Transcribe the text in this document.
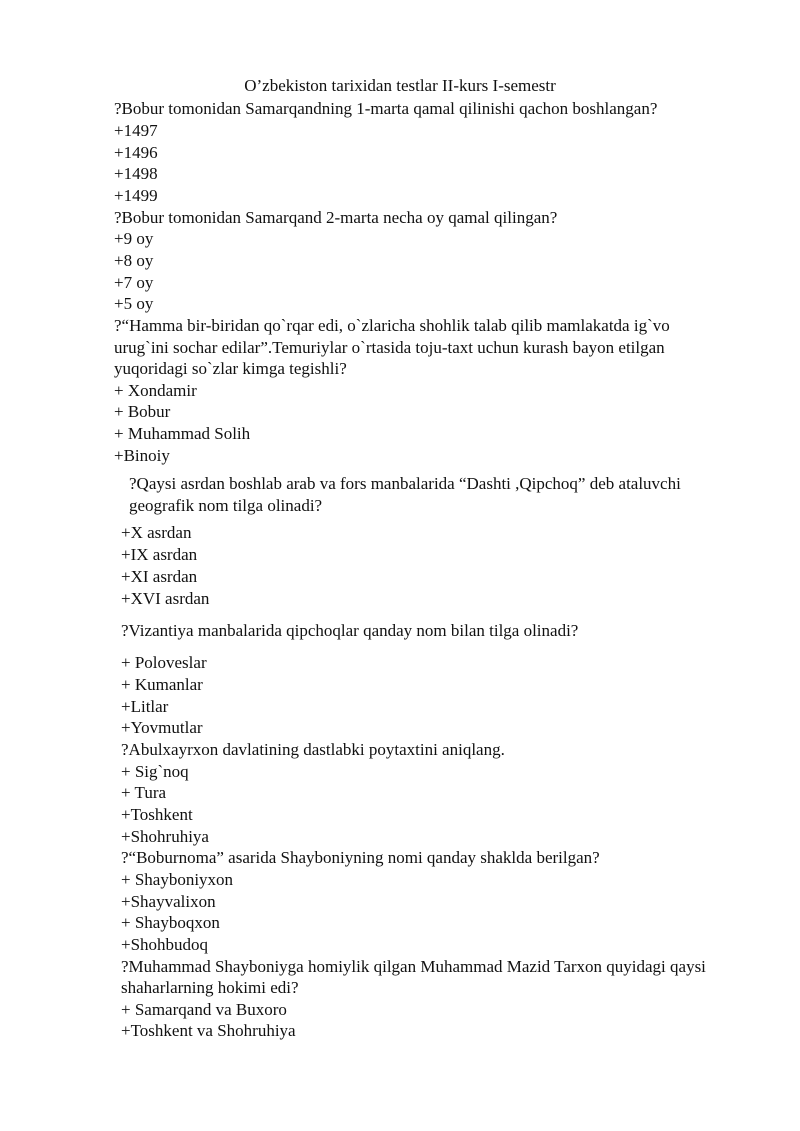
O’zbekiston tarixidan testlar II-kurs I-semestr

?Bobur tomonidan Samarqandning 1-marta qamal qilinishi qachon boshlangan?

+1497

+1496

+1498

+1499

?Bobur tomonidan Samarqand 2-marta necha oy qamal qilingan?

+9 oy

+8 oy

+7 oy

+5 oy

?“Hamma bir-biridan qo`rqar edi, o`zlaricha shohlik talab qilib mamlakatda ig`vo

urug`ini sochar edilar”.Temuriylar o`rtasida toju-taxt uchun kurash bayon etilgan

yuqoridagi so`zlar kimga tegishli?

+ Xondamir

+ Bobur

+ Muhammad Solih

+Binoiy

?Qaysi asrdan boshlab arab va fors manbalarida “Dashti ,Qipchoq” deb ataluvchi

geografik nom tilga olinadi?

+X asrdan

+IX asrdan

+XI asrdan

+XVI asrdan

?Vizantiya manbalarida qipchoqlar qanday nom bilan tilga olinadi?

+ Poloveslar

+ Kumanlar

+Litlar

+Yovmutlar

?Abulxayrxon davlatining dastlabki poytaxtini aniqlang.

+ Sig`noq

+ Tura

+Toshkent

+Shohruhiya

?“Boburnoma” asarida Shayboniyning nomi qanday shaklda berilgan?

+ Shayboniyxon

+Shayvalixon

+ Shayboqxon

+Shohbudoq

?Muhammad Shayboniyga homiylik qilgan Muhammad Mazid Tarxon quyidagi qaysi

shaharlarning hokimi edi?

+ Samarqand va Buxoro

+Toshkent va Shohruhiya
